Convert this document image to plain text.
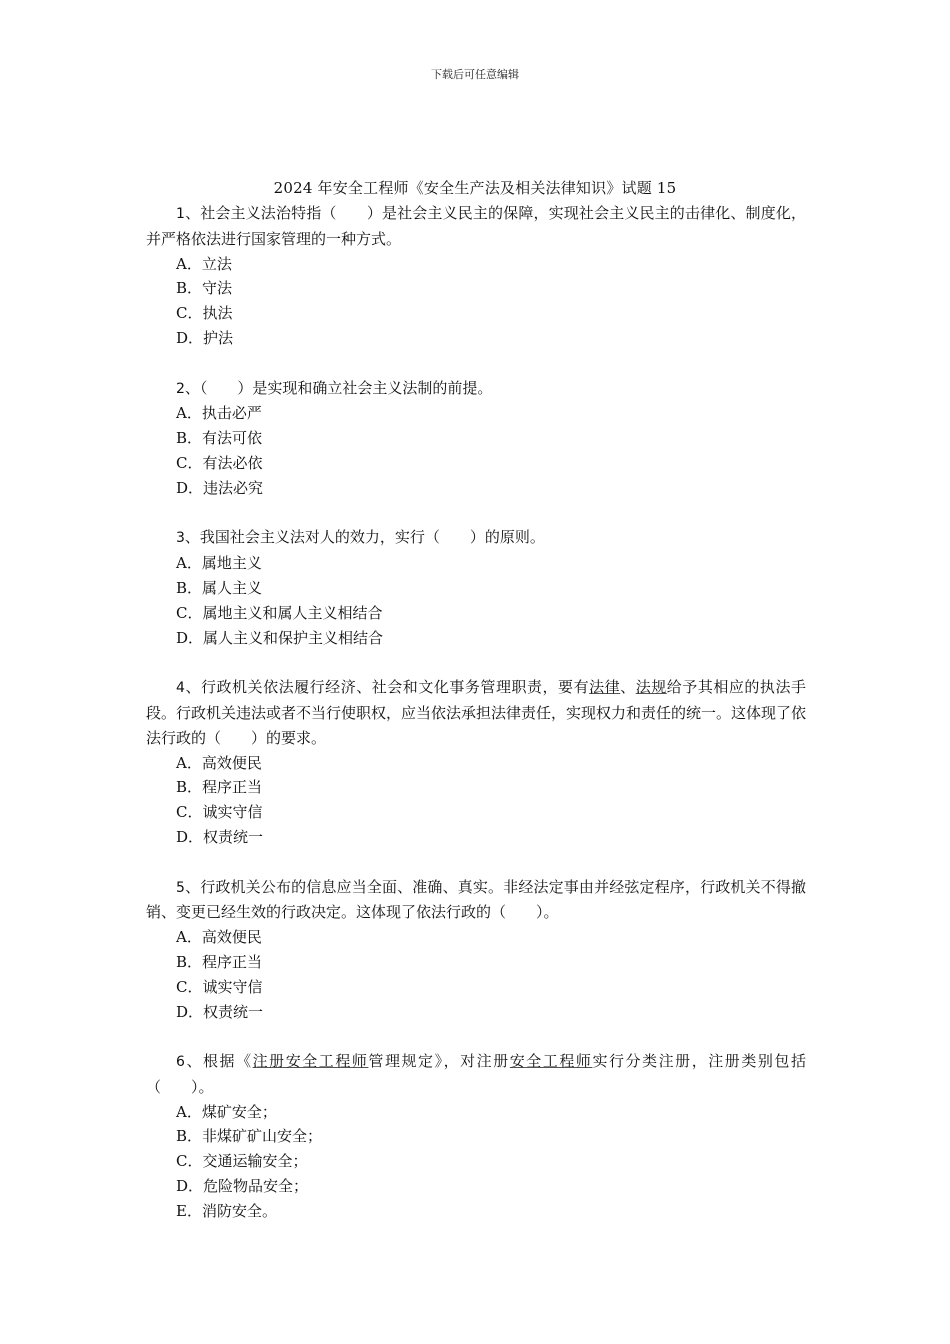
下载后可任意编辑
2024 年安全工程师《安全生产法及相关法律知识》试题 15

1、社会主义法治特指（　　）是社会主义民主的保障，实现社会主义民主的击律化、制度化，并严格依法进行国家管理的一种方式。

A．立法

B．守法

C．执法

D．护法

2、（　　）是实现和确立社会主义法制的前提。

A．执击必严

B．有法可依

C．有法必依

D．违法必究

3、我国社会主义法对人的效力，实行（　　）的原则。

A．属地主义

B．属人主义

C．属地主义和属人主义相结合

D．属人主义和保护主义相结合

4、行政机关依法履行经济、社会和文化事务管理职责，要有法律、法规给予其相应的执法手段。行政机关违法或者不当行使职权，应当依法承担法律责任，实现权力和责任的统一。这体现了依法行政的（　　）的要求。

A．高效便民

B．程序正当

C．诚实守信

D．权责统一

5、行政机关公布的信息应当全面、准确、真实。非经法定事由并经弦定程序，行政机关不得撤销、变更已经生效的行政决定。这体现了依法行政的（　　）。

A．高效便民

B．程序正当

C．诚实守信

D．权责统一

6、根据《注册安全工程师管理规定》，对注册安全工程师实行分类注册，注册类别包括（　　）。

A．煤矿安全；

B．非煤矿矿山安全；

C．交通运输安全；

D．危险物品安全；

E．消防安全。
